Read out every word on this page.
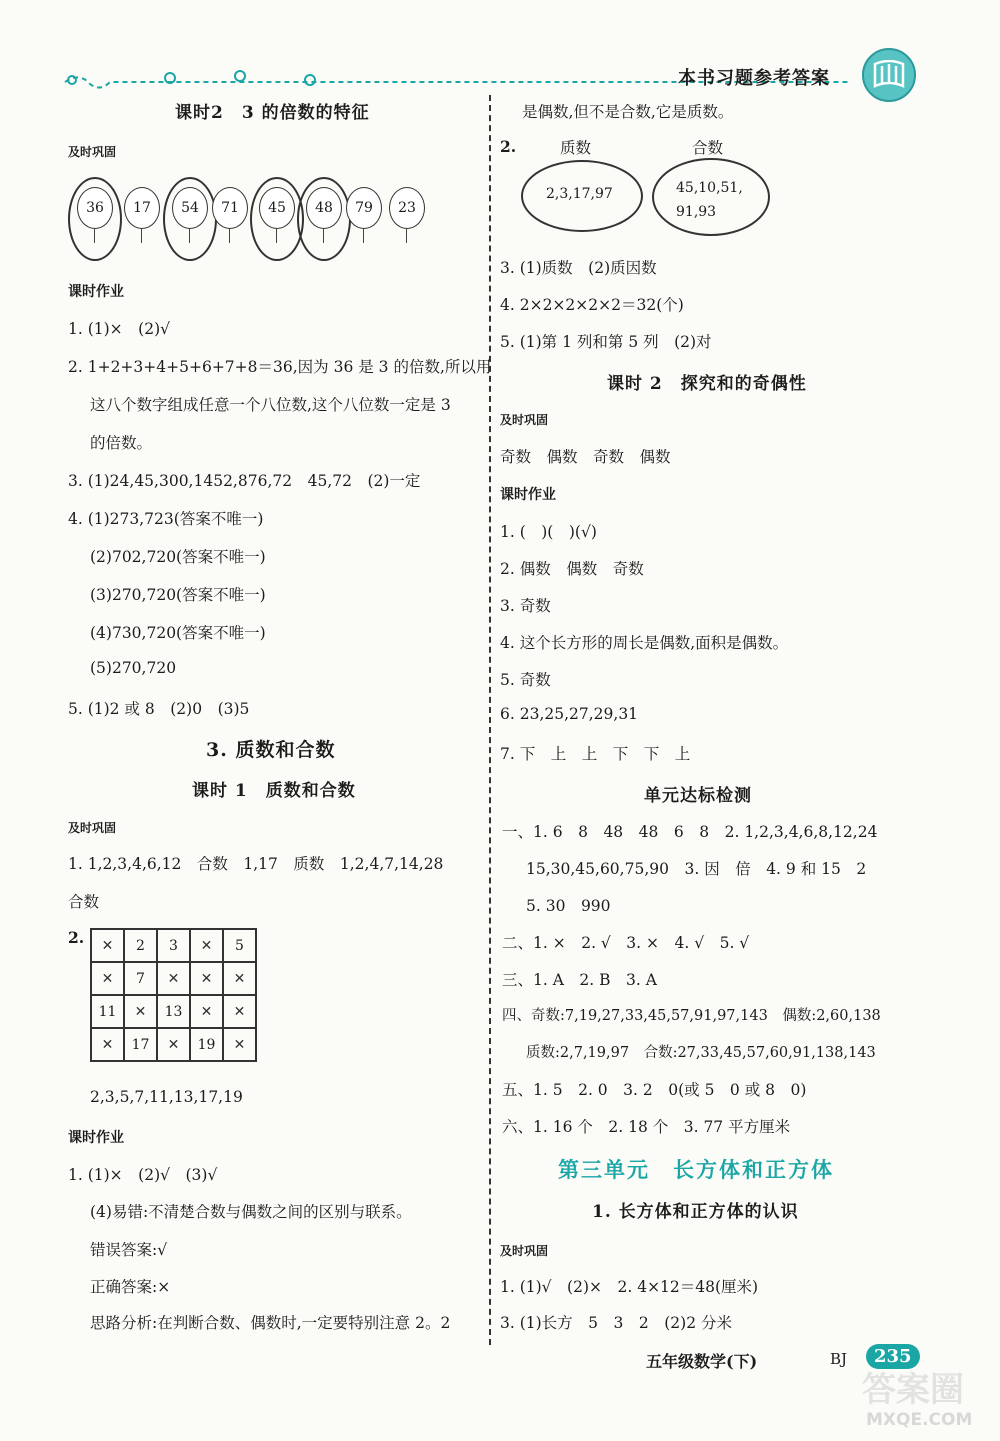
本书习题参考答案
课时2　3 的倍数的特征
及时巩固
36	17	54	71	45	48	79	23
课时作业
1. (1)×　(2)√
2. 1+2+3+4+5+6+7+8＝36,因为 36 是 3 的倍数,所以用
这八个数字组成任意一个八位数,这个八位数一定是 3
的倍数。
3. (1)24,45,300,1452,876,72　45,72　(2)一定
4. (1)273,723(答案不唯一)
(2)702,720(答案不唯一)
(3)270,720(答案不唯一)
(4)730,720(答案不唯一)
(5)270,720
5. (1)2 或 8　(2)0　(3)5
3. 质数和合数
课时 1　质数和合数
及时巩固
1. 1,2,3,4,6,12　合数　1,17　质数　1,2,4,7,14,28
合数
2. ✕	2	3	✕	5
✕	7	✕	✕	✕
11	✕	13	✕	✕
✕	17	✕	19	✕
2,3,5,7,11,13,17,19
课时作业
1. (1)×　(2)√　(3)√
(4)易错:不清楚合数与偶数之间的区别与联系。
错误答案:√
正确答案:×
思路分析:在判断合数、偶数时,一定要特别注意 2。2
是偶数,但不是合数,它是质数。
2.	质数	合数
2,3,17,97	45,10,51,
91,93
3. (1)质数　(2)质因数
4. 2×2×2×2×2＝32(个)
5. (1)第 1 列和第 5 列　(2)对
课时 2　探究和的奇偶性
及时巩固
奇数　偶数　奇数　偶数
课时作业
1. (　)(　)(√)
2. 偶数　偶数　奇数
3. 奇数
4. 这个长方形的周长是偶数,面积是偶数。
5. 奇数
6. 23,25,27,29,31
7. 下　上　上　下　下　上
单元达标检测
一、1. 6　8　48　48　6　8　2. 1,2,3,4,6,8,12,24
15,30,45,60,75,90　3. 因　倍　4. 9 和 15　2
5. 30　990
二、1. ×　2. √　3. ×　4. √　5. √
三、1. A　2. B　3. A
四、奇数:7,19,27,33,45,57,91,97,143　偶数:2,60,138
质数:2,7,19,97　合数:27,33,45,57,60,91,138,143
五、1. 5　2. 0　3. 2　0(或 5　0 或 8　0)
六、1. 16 个　2. 18 个　3. 77 平方厘米
第三单元　长方体和正方体
1. 长方体和正方体的认识
及时巩固
1. (1)√　(2)×　2. 4×12＝48(厘米)
3. (1)长方　5　3　2　(2)2 分米
五年级数学(下)	BJ	235
答案圈
MXQE.COM
